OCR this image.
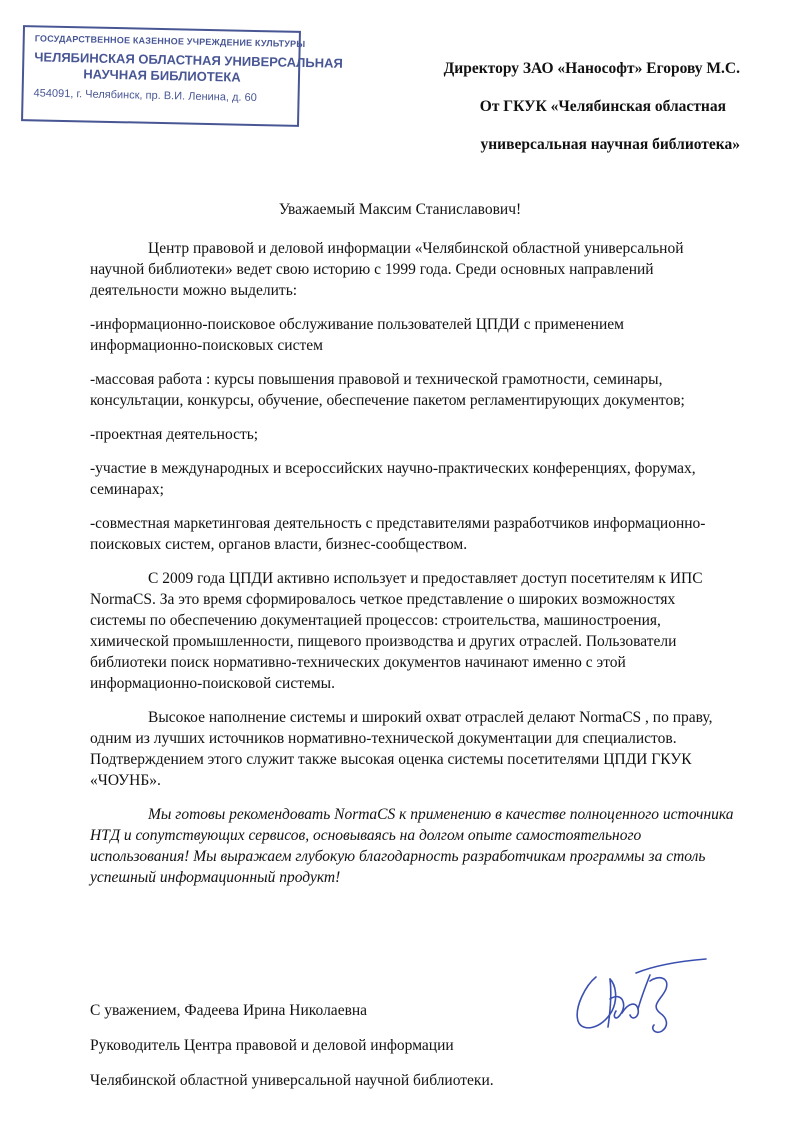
ГОСУДАРСТВЕННОЕ КАЗЕННОЕ УЧРЕЖДЕНИЕ КУЛЬТУРЫ
ЧЕЛЯБИНСКАЯ ОБЛАСТНАЯ УНИВЕРСАЛЬНАЯ
НАУЧНАЯ БИБЛИОТЕКА
454091, г. Челябинск, пр. В.И. Ленина, д. 60
Директору ЗАО «Нанософт» Егорову М.С.
От ГКУК «Челябинская областная
универсальная научная библиотека»
Уважаемый Максим Станиславович!

Центр правовой и деловой информации «Челябинской областной универсальной научной библиотеки» ведет свою историю с 1999 года. Среди основных направлений деятельности можно выделить:

-информационно-поисковое обслуживание пользователей ЦПДИ с применением информационно-поисковых систем

-массовая работа : курсы повышения правовой и технической грамотности, семинары, консультации, конкурсы, обучение, обеспечение пакетом регламентирующих документов;

-проектная деятельность;

-участие в международных и всероссийских научно-практических конференциях, форумах, семинарах;

-совместная маркетинговая деятельность с представителями разработчиков информационно-поисковых систем, органов власти, бизнес-сообществом.

С 2009 года ЦПДИ активно использует и предоставляет доступ посетителям к ИПС NormaCS. За это время сформировалось четкое представление о широких возможностях системы по обеспечению документацией процессов: строительства, машиностроения, химической промышленности, пищевого производства и других отраслей. Пользователи библиотеки поиск нормативно-технических документов начинают именно с этой информационно-поисковой системы.

Высокое наполнение системы и широкий охват отраслей делают NormaCS , по праву, одним из лучших источников нормативно-технической документации для специалистов. Подтверждением этого служит также высокая оценка системы посетителями ЦПДИ ГКУК «ЧОУНБ».

Мы готовы рекомендовать NormaCS к применению в качестве полноценного источника НТД и сопутствующих сервисов, основываясь на долгом опыте самостоятельного использования! Мы выражаем глубокую благодарность разработчикам программы за столь успешный информационный продукт!

С уважением, Фадеева Ирина Николаевна
Руководитель Центра правовой и деловой информации
Челябинской областной универсальной научной библиотеки.
